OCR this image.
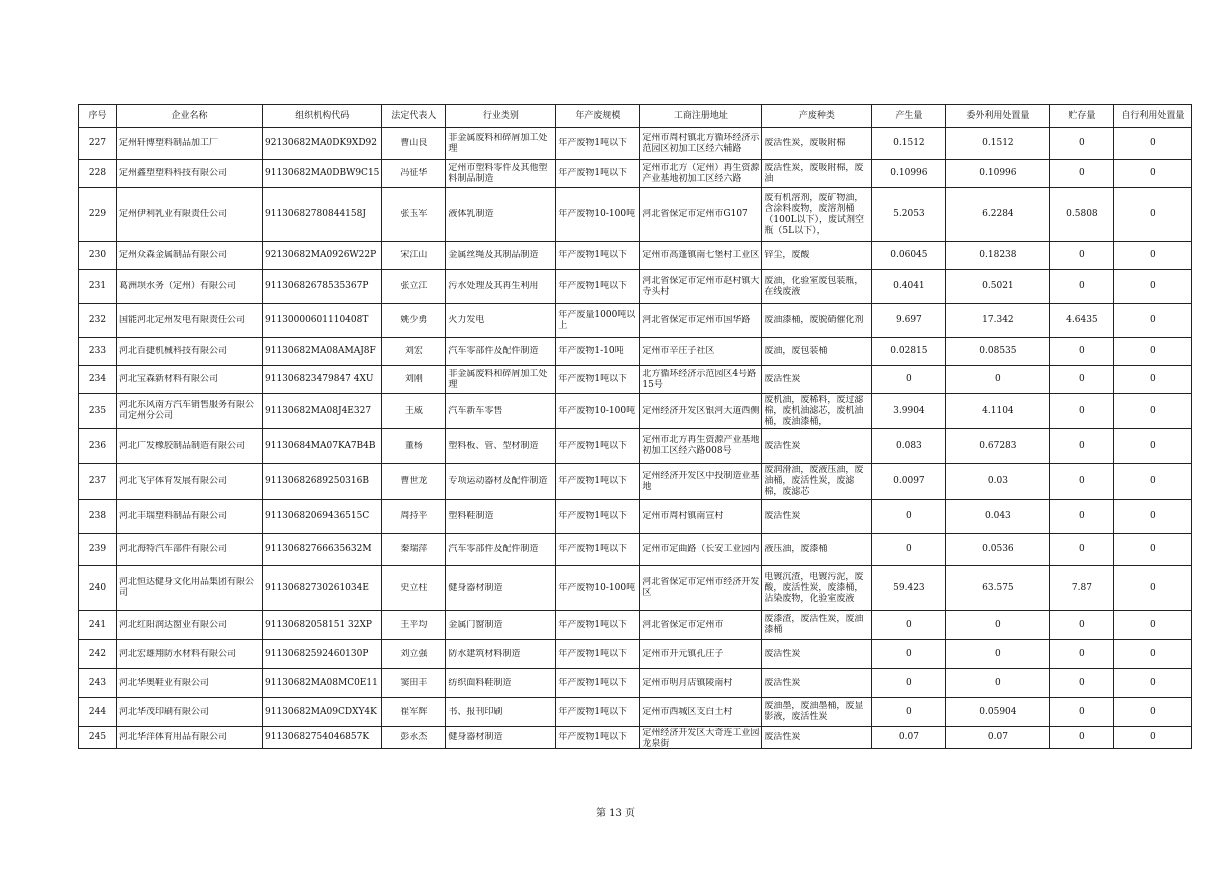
序号	企业名称	组织机构代码	法定代表人	行业类别	年产废规模	工商注册地址	产废种类	产生量	委外利用处置量	贮存量	自行利用处置量

227	定州轩博塑料制品加工厂	92130682MA0DK9XD92	曹山良	非金属废料和碎屑加工处理	年产废物1吨以下	定州市周村镇北方循环经济示范园区初加工区经六辅路	废活性炭，废吸附棉	0.1512	0.1512	0	0

228	定州鑫塑塑料科技有限公司	91130682MA0DBW9C15	冯征华	定州市塑料零件及其他塑料制品制造	年产废物1吨以下	定州市北方（定州）再生资源产业基地初加工区经六路	废活性炭，废吸附棉，废油	0.10996	0.10996	0	0

229	定州伊利乳业有限责任公司	91130682780844158J	张玉军	液体乳制造	年产废物10-100吨	河北省保定市定州市G107	废有机溶剂，废矿物油，含涂料废物，废溶剂桶（100L以下），废试剂空瓶（5L以下），	5.2053	6.2284	0.5808	0

230	定州众森金属制品有限公司	92130682MA0926W22P	宋江山	金属丝绳及其制品制造	年产废物1吨以下	定州市高蓬镇南七堡村工业区	锌尘，废酸	0.06045	0.18238	0	0

231	葛洲坝水务（定州）有限公司	91130682678535367P	张立江	污水处理及其再生利用	年产废物1吨以下	河北省保定市定州市赵村镇大寺头村	废油，化验室废包装瓶，在线废液	0.4041	0.5021	0	0

232	国能河北定州发电有限责任公司	91130000601110408T	姚少勇	火力发电	年产废量1000吨以上	河北省保定市定州市国华路	废油漆桶，废脱硝催化剂	9.697	17.342	4.6435	0

233	河北百捷机械科技有限公司	91130682MA08AMAJ8F	刘宏	汽车零部件及配件制造	年产废物1-10吨	定州市辛庄子社区	废油，废包装桶	0.02815	0.08535	0	0

234	河北宝森新材料有限公司	911306823479847 4XU	刘刚	非金属废料和碎屑加工处理	年产废物1吨以下	北方循环经济示范园区4号路15号	废活性炭	0	0	0	0

235	河北东风南方汽车销售服务有限公司定州分公司	91130682MA08J4E327	王威	汽车新车零售	年产废物10-100吨	定州经济开发区银河大道西侧	废机油，废稀料，废过滤棉，废机油滤芯，废机油桶，废油漆桶，	3.9904	4.1104	0	0

236	河北广发橡胶制品制造有限公司	91130684MA07KA7B4B	董杨	塑料板、管、型材制造	年产废物1吨以下	定州市北方再生资源产业基地初加工区经六路008号	废活性炭	0.083	0.67283	0	0

237	河北飞宇体育发展有限公司	91130682689250316B	曹世龙	专项运动器材及配件制造	年产废物1吨以下	定州经济开发区中投制造业基地	废润滑油，废液压油，废油桶，废活性炭，废滤棉，废滤芯	0.0097	0.03	0	0

238	河北丰瑞塑料制品有限公司	91130682069436515C	周持平	塑料鞋制造	年产废物1吨以下	定州市周村镇南宣村	废活性炭	0	0.043	0	0

239	河北海特汽车部件有限公司	91130682766635632M	秦瑞萍	汽车零部件及配件制造	年产废物1吨以下	定州市定曲路（长安工业园内	液压油，废漆桶	0	0.0536	0	0

240	河北恒达健身文化用品集团有限公司	91130682730261034E	史立柱	健身器材制造	年产废物10-100吨	河北省保定市定州市经济开发区	电镀沉渣，电镀污泥，废酸，废活性炭，废漆桶，沾染废物，化验室废液	59.423	63.575	7.87	0

241	河北红阳润达窗业有限公司	91130682058151 32XP	王平均	金属门窗制造	年产废物1吨以下	河北省保定市定州市	废漆渣，废活性炭，废油漆桶	0	0	0	0

242	河北宏雄翔防水材料有限公司	91130682592460130P	刘立强	防水建筑材料制造	年产废物1吨以下	定州市开元镇孔庄子	废活性炭	0	0	0	0

243	河北华奥鞋业有限公司	91130682MA08MC0E11	窦田丰	纺织面料鞋制造	年产废物1吨以下	定州市明月店镇陵南村	废活性炭	0	0	0	0

244	河北华茂印刷有限公司	91130682MA09CDXY4K	崔军辉	书、报刊印刷	年产废物1吨以下	定州市西城区支白土村	废油墨，废油墨桶，废显影液，废活性炭	0	0.05904	0	0

245	河北华洋体育用品有限公司	91130682754046857K	彭永杰	健身器材制造	年产废物1吨以下	定州经济开发区大奇连工业园龙泉街	废活性炭	0.07	0.07	0	0
第 13 页
